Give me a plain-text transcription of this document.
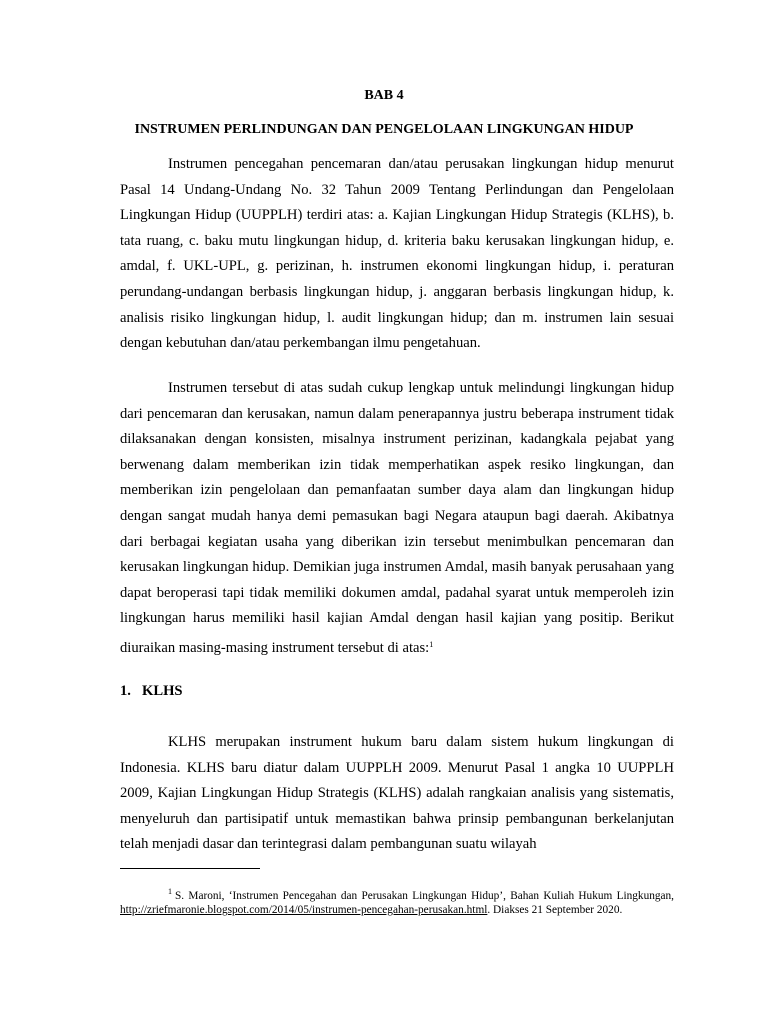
BAB 4
INSTRUMEN PERLINDUNGAN DAN PENGELOLAAN LINGKUNGAN HIDUP

Instrumen pencegahan pencemaran dan/atau perusakan lingkungan hidup menurut Pasal 14 Undang-Undang No. 32 Tahun 2009 Tentang Perlindungan dan Pengelolaan Lingkungan Hidup (UUPPLH) terdiri atas: a. Kajian Lingkungan Hidup Strategis (KLHS), b. tata ruang, c. baku mutu lingkungan hidup, d. kriteria baku kerusakan lingkungan hidup, e. amdal, f. UKL-UPL, g. perizinan, h. instrumen ekonomi lingkungan hidup, i. peraturan perundang-undangan berbasis lingkungan hidup, j. anggaran berbasis lingkungan hidup, k. analisis risiko lingkungan hidup, l. audit lingkungan hidup; dan m. instrumen lain sesuai dengan kebutuhan dan/atau perkembangan ilmu pengetahuan.

Instrumen tersebut di atas sudah cukup lengkap untuk melindungi lingkungan hidup dari pencemaran dan kerusakan, namun dalam penerapannya justru beberapa instrument tidak dilaksanakan dengan konsisten, misalnya instrument perizinan, kadangkala pejabat yang berwenang dalam memberikan izin tidak memperhatikan aspek resiko lingkungan, dan memberikan izin pengelolaan dan pemanfaatan sumber daya alam dan lingkungan hidup dengan sangat mudah hanya demi pemasukan bagi Negara ataupun bagi daerah. Akibatnya dari berbagai kegiatan usaha yang diberikan izin tersebut menimbulkan pencemaran dan kerusakan lingkungan hidup. Demikian juga instrumen Amdal, masih banyak perusahaan yang dapat beroperasi tapi tidak memiliki dokumen amdal, padahal syarat untuk memperoleh izin lingkungan harus memiliki hasil kajian Amdal dengan hasil kajian yang positip. Berikut diuraikan masing-masing instrument tersebut di atas:$^1$

1. KLHS

KLHS merupakan instrument hukum baru dalam sistem hukum lingkungan di Indonesia. KLHS baru diatur dalam UUPPLH 2009. Menurut Pasal 1 angka 10 UUPPLH 2009, Kajian Lingkungan Hidup Strategis (KLHS) adalah rangkaian analisis yang sistematis, menyeluruh dan partisipatif untuk memastikan bahwa prinsip pembangunan berkelanjutan telah menjadi dasar dan terintegrasi dalam pembangunan suatu wilayah

$^1$ S. Maroni, ‘Instrumen Pencegahan dan Perusakan Lingkungan Hidup’, Bahan Kuliah Hukum Lingkungan, http://zriefmaronie.blogspot.com/2014/05/instrumen-pencegahan-perusakan.html. Diakses 21 September 2020.
